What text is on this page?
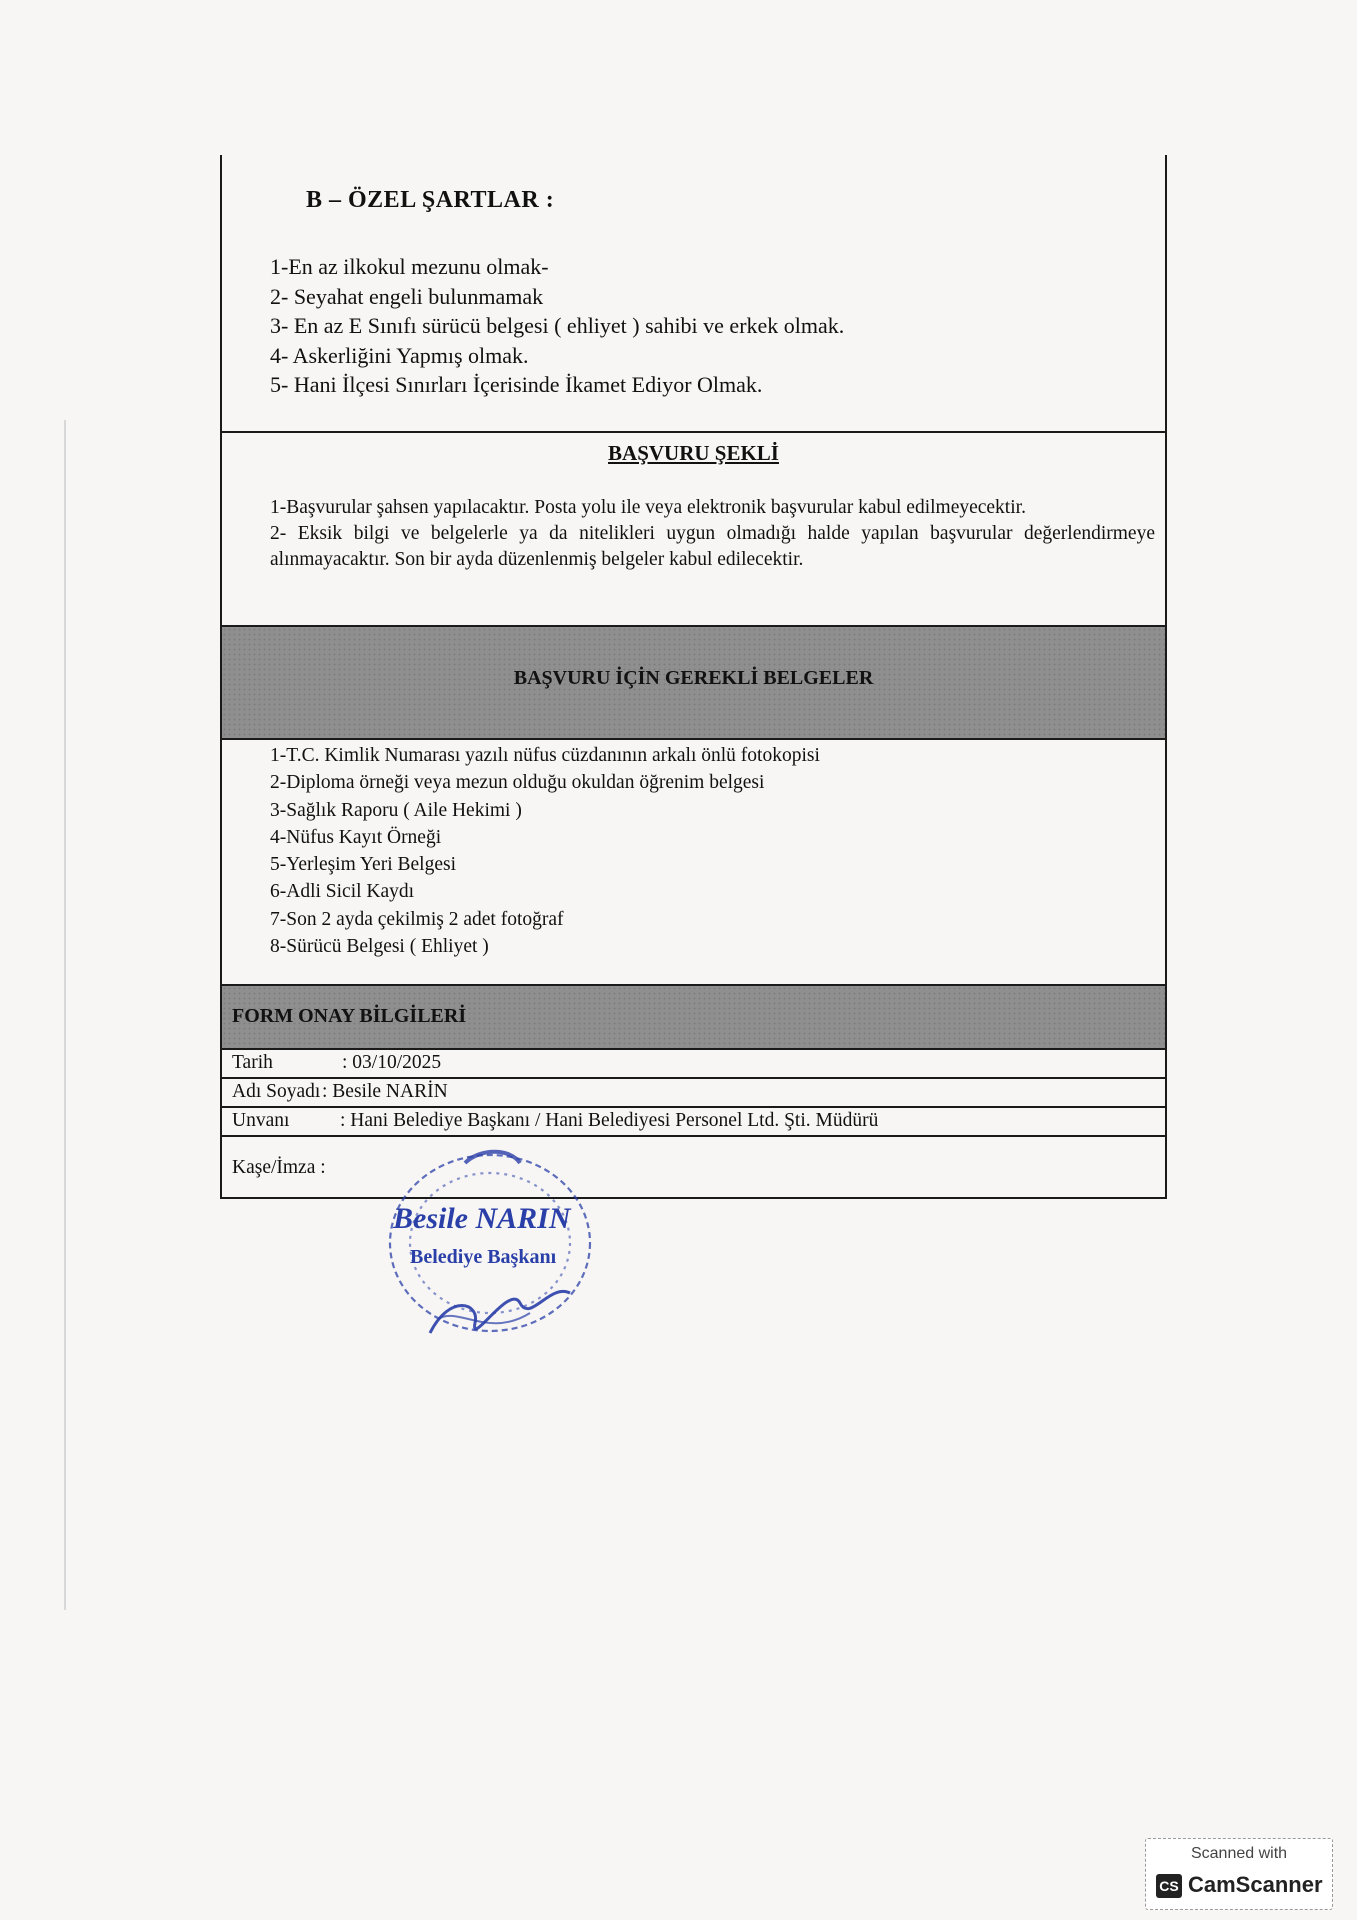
B – ÖZEL ŞARTLAR :
1-En az ilkokul mezunu olmak-
2- Seyahat engeli bulunmamak
3- En az E Sınıfı sürücü belgesi ( ehliyet ) sahibi ve erkek olmak.
4- Askerliğini Yapmış olmak.
5- Hani İlçesi Sınırları İçerisinde İkamet Ediyor Olmak.
BAŞVURU ŞEKLİ

1-Başvurular şahsen yapılacaktır. Posta yolu ile veya elektronik başvurular kabul edilmeyecektir.

2- Eksik bilgi ve belgelerle ya da nitelikleri uygun olmadığı halde yapılan başvurular değerlendirmeye alınmayacaktır. Son bir ayda düzenlenmiş belgeler kabul edilecektir.

BAŞVURU İÇİN GEREKLİ BELGELER
1-T.C. Kimlik Numarası yazılı nüfus cüzdanının arkalı önlü fotokopisi
2-Diploma örneği veya mezun olduğu okuldan öğrenim belgesi
3-Sağlık Raporu ( Aile Hekimi )
4-Nüfus Kayıt Örneği
5-Yerleşim Yeri Belgesi
6-Adli Sicil Kaydı
7-Son 2 ayda çekilmiş 2 adet fotoğraf
8-Sürücü Belgesi ( Ehliyet )
FORM ONAY BİLGİLERİ
Tarih	: 03/10/2025
Adı Soyadı : Besile NARİN
Unvanı	: Hani Belediye Başkanı / Hani Belediyesi Personel Ltd. Şti. Müdürü
Kaşe/İmza :
Besile NARIN
Belediye Başkanı
Scanned with
CS CamScanner
